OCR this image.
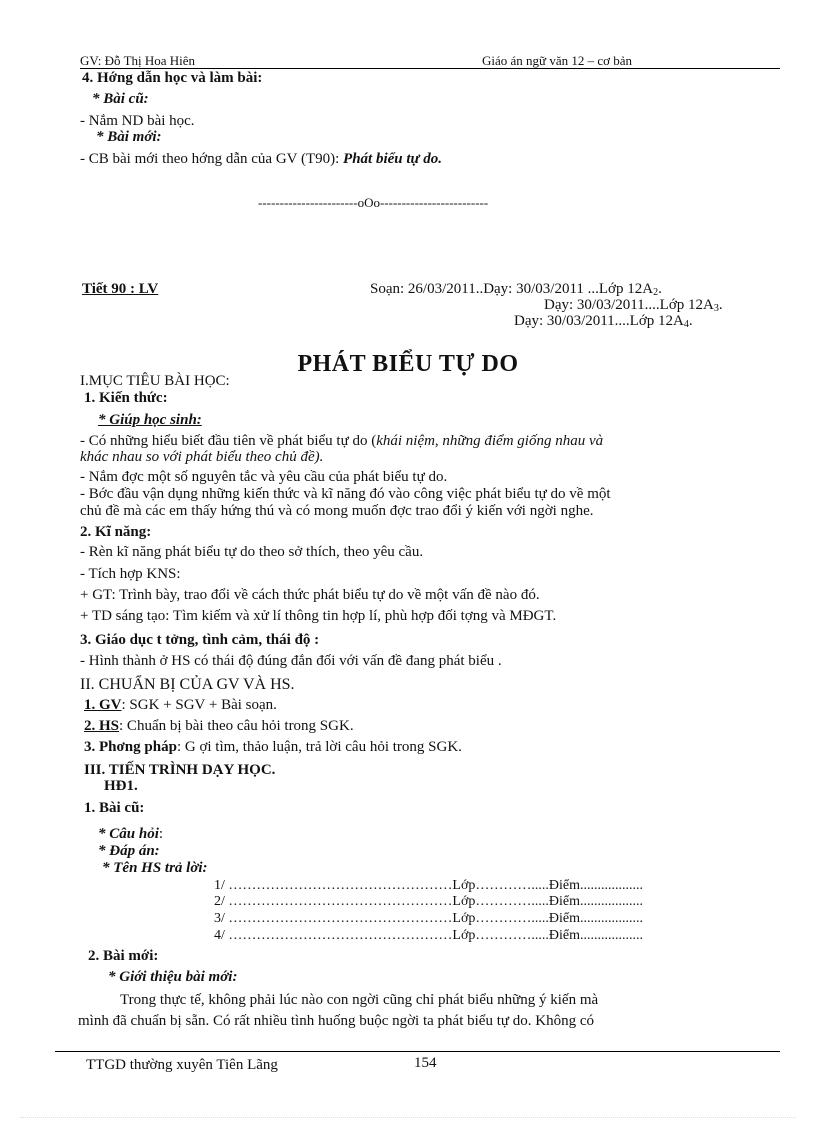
GV: Đỗ Thị Hoa Hiên	Giáo án ngữ văn 12 – cơ bản
4. Hớng dẫn học và làm bài:
* Bài cũ:
- Nắm ND bài học.
* Bài mới:
- CB bài mới theo hớng dẫn của GV (T90): Phát biểu tự do.
-----------------------oOo-------------------------
Tiết 90 : LV	Soạn: 26/03/2011..Dạy: 30/03/2011 ...Lớp $12A_2$.
Dạy: 30/03/2011....Lớp $12A_3$.
Dạy: 30/03/2011....Lớp $12A_4$.
PHÁT BIỂU TỰ DO
I.MỤC TIÊU BÀI HỌC:
1. Kiến thức:
* Giúp học sinh:
- Có những hiểu biết đầu tiên về phát biểu tự do (khái niệm, những điểm giống nhau và
khác nhau so với phát biểu theo chủ đề).
- Nắm đợc một số nguyên tắc và yêu cầu của phát biểu tự do.
- Bớc đầu vận dụng những kiến thức và kĩ năng đó vào công việc phát biểu tự do về một
chủ đề mà các em thấy hứng thú và có mong muốn đợc trao đổi ý kiến với ngời nghe.
2. Kĩ năng:
- Rèn kĩ năng phát biểu tự do theo sở thích, theo yêu cầu.
- Tích hợp KNS:
+ GT: Trình bày, trao đổi về cách thức phát biểu tự do về một vấn đề nào đó.
+ TD sáng tạo: Tìm kiếm và xử lí thông tin hợp lí, phù hợp đối tợng và MĐGT.
3. Giáo dục t tởng, tình cảm, thái độ :
- Hình thành ở HS có thái độ đúng đắn đối với vấn đề đang phát biểu .
II. CHUẨN BỊ CỦA GV VÀ HS.
1. GV: SGK + SGV + Bài soạn.
2. HS: Chuẩn bị bài theo câu hỏi trong SGK.
3. Phơng pháp: G ợi tìm, thảo luận, trả lời câu hỏi trong SGK.
III. TIẾN TRÌNH DẠY HỌC.
HĐ1.
1. Bài cũ:
* Câu hỏi:
* Đáp án:
* Tên HS trả lời:
1/ …………………………………………Lớp………….....Điểm..................
2/ …………………………………………Lớp………….....Điểm..................
3/ …………………………………………Lớp………….....Điểm..................
4/ …………………………………………Lớp………….....Điểm..................
2. Bài mới:
* Giới thiệu bài mới:
Trong thực tế, không phải lúc nào con ngời cũng chỉ phát biểu những ý kiến mà
mình đã chuẩn bị sẵn. Có rất nhiều tình huống buộc ngời ta phát biểu tự do. Không có
TTGD thường xuyên Tiên Lãng	154
